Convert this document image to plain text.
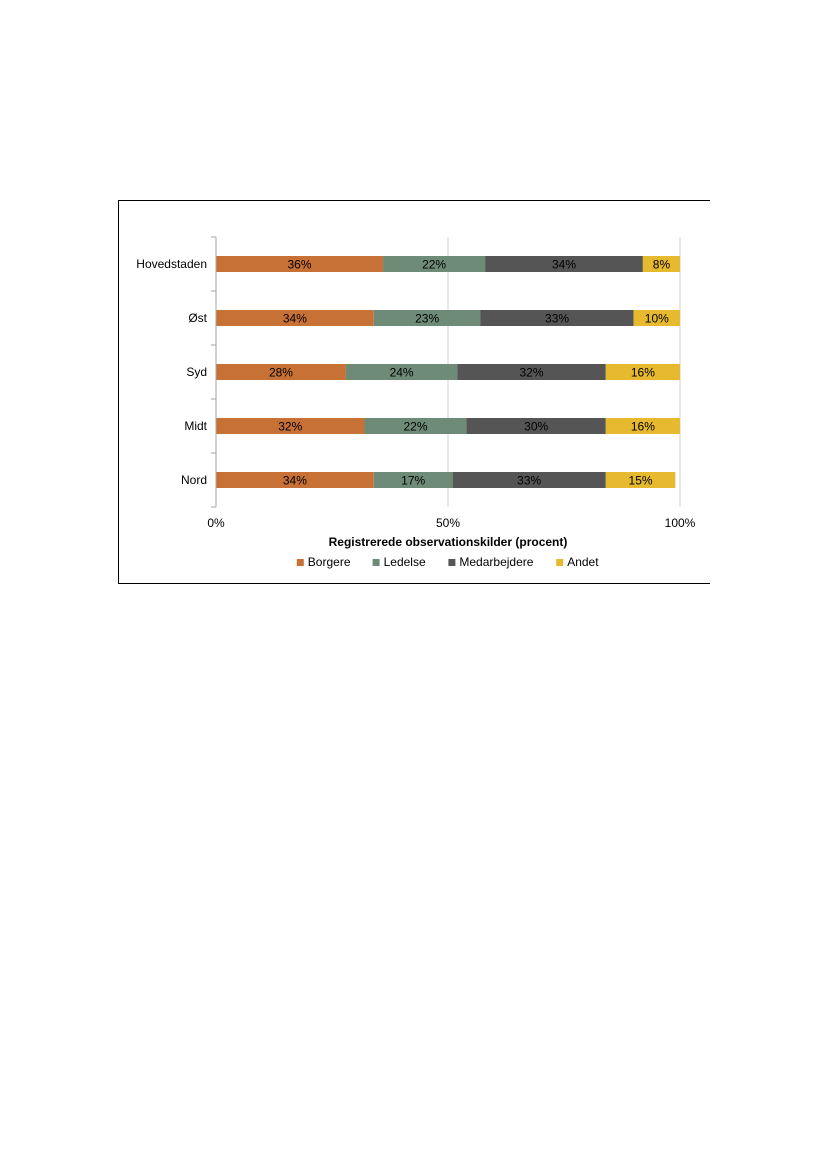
36%	22%	34%	8%
34%	23%	33%	10%
28%	24%	32%	16%
32%	22%	30%	16%
34%	17%	33%	15%
Hovedstaden
Øst
Syd
Midt
Nord
0%	50%	100%
Registrerede observationskilder (procent)
Borgere	Ledelse	Medarbejdere	Andet
